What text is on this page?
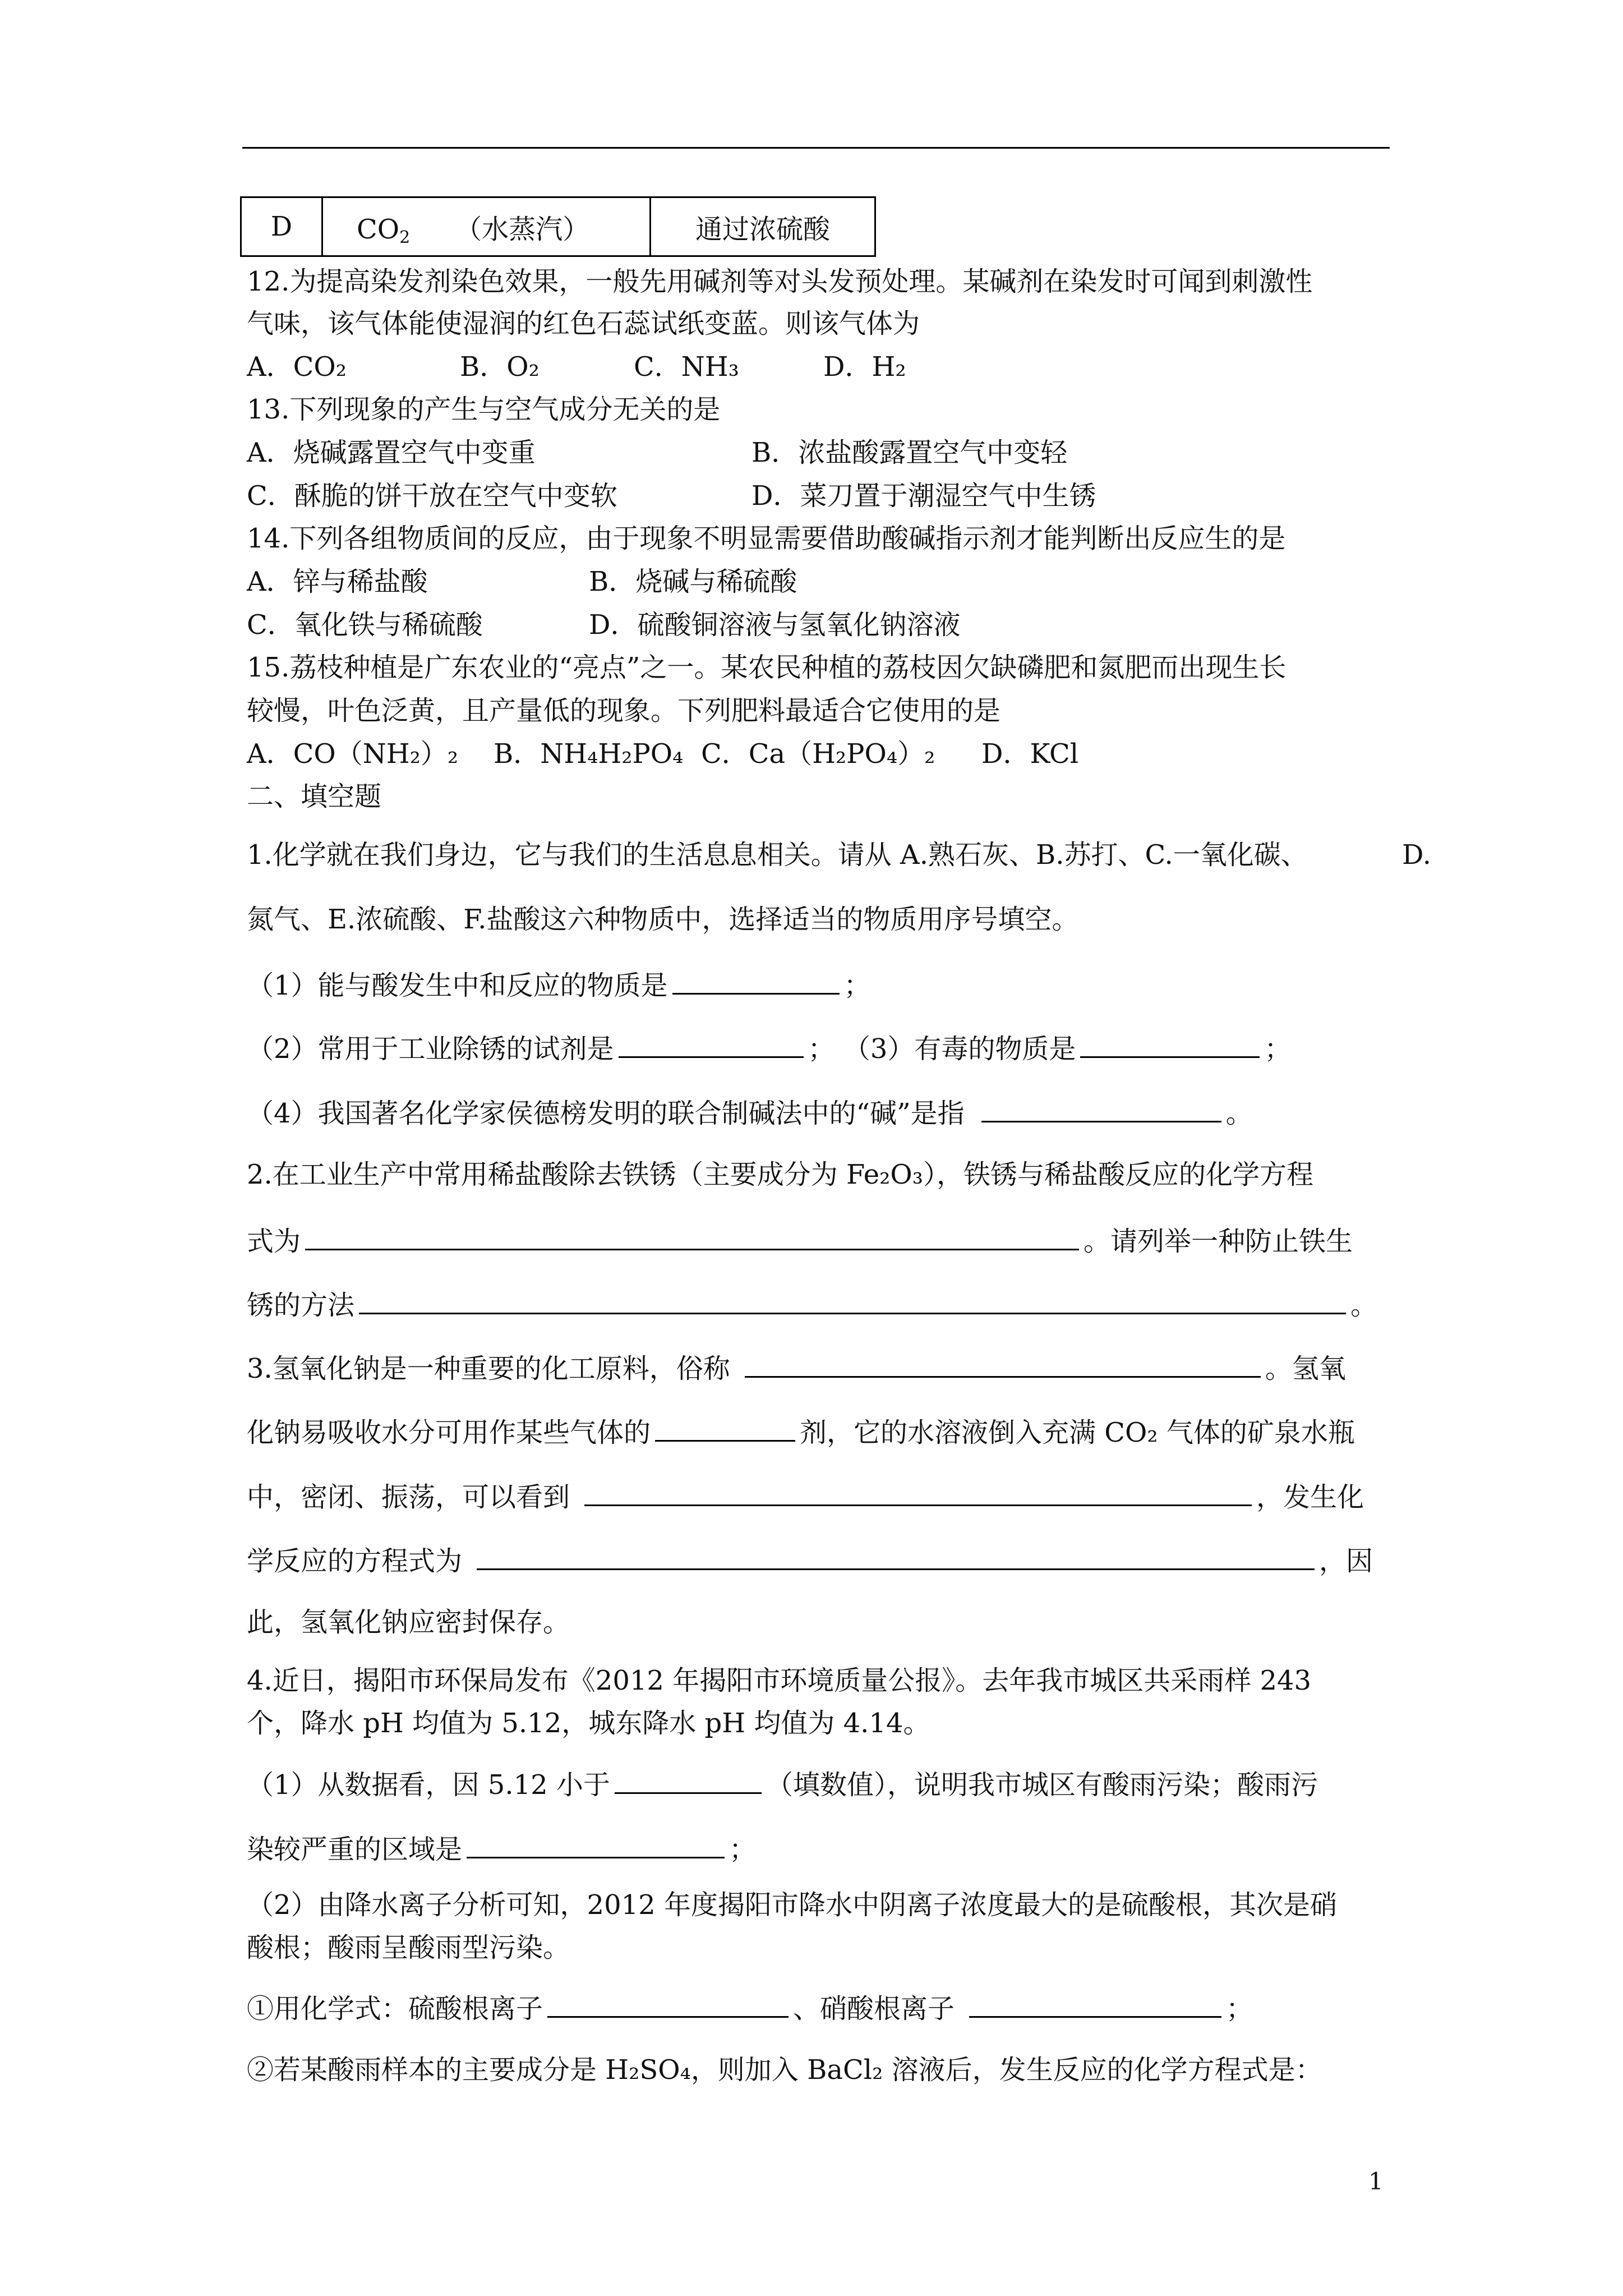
D	$CO_2$ （水蒸汽）	通过浓硫酸
12.为提高染发剂染色效果，一般先用碱剂等对头发预处理。某碱剂在染发时可闻到刺激性
气味，该气体能使湿润的红色石蕊试纸变蓝。则该气体为
A．CO₂	B．O₂	C．NH₃	D．H₂
13.下列现象的产生与空气成分无关的是
A．烧碱露置空气中变重	B．浓盐酸露置空气中变轻
C．酥脆的饼干放在空气中变软	D．菜刀置于潮湿空气中生锈
14.下列各组物质间的反应，由于现象不明显需要借助酸碱指示剂才能判断出反应生的是
A．锌与稀盐酸	B．烧碱与稀硫酸
C．氧化铁与稀硫酸	D．硫酸铜溶液与氢氧化钠溶液
15.荔枝种植是广东农业的“亮点”之一。某农民种植的荔枝因欠缺磷肥和氮肥而出现生长
较慢，叶色泛黄，且产量低的现象。下列肥料最适合它使用的是
A．CO（NH₂）₂ B．NH₄H₂PO₄ C．Ca（H₂PO₄）₂ D．KCl
二、填空题
1.化学就在我们身边，它与我们的生活息息相关。请从 A.熟石灰、B.苏打、C.一氧化碳、	D.
氮气、E.浓硫酸、F.盐酸这六种物质中，选择适当的物质用序号填空。
（1）能与酸发生中和反应的物质是	；
（2）常用于工业除锈的试剂是	； （3）有毒的物质是	；
（4）我国著名化学家侯德榜发明的联合制碱法中的“碱”是指	。
2.在工业生产中常用稀盐酸除去铁锈（主要成分为 Fe₂O₃），铁锈与稀盐酸反应的化学方程
式为	。请列举一种防止铁生
锈的方法	。
3.氢氧化钠是一种重要的化工原料，俗称	。氢氧
化钠易吸收水分可用作某些气体的	剂，它的水溶液倒入充满 CO₂ 气体的矿泉水瓶
中，密闭、振荡，可以看到	，发生化
学反应的方程式为	，因
此，氢氧化钠应密封保存。
4.近日，揭阳市环保局发布《2012 年揭阳市环境质量公报》。去年我市城区共采雨样 243
个，降水 pH 均值为 5.12，城东降水 pH 均值为 4.14。
（1）从数据看，因 5.12 小于	（填数值），说明我市城区有酸雨污染；酸雨污
染较严重的区域是	；
（2）由降水离子分析可知，2012 年度揭阳市降水中阴离子浓度最大的是硫酸根，其次是硝
酸根；酸雨呈酸雨型污染。
①用化学式：硫酸根离子	、硝酸根离子	；
②若某酸雨样本的主要成分是 H₂SO₄，则加入 BaCl₂ 溶液后，发生反应的化学方程式是：
1
